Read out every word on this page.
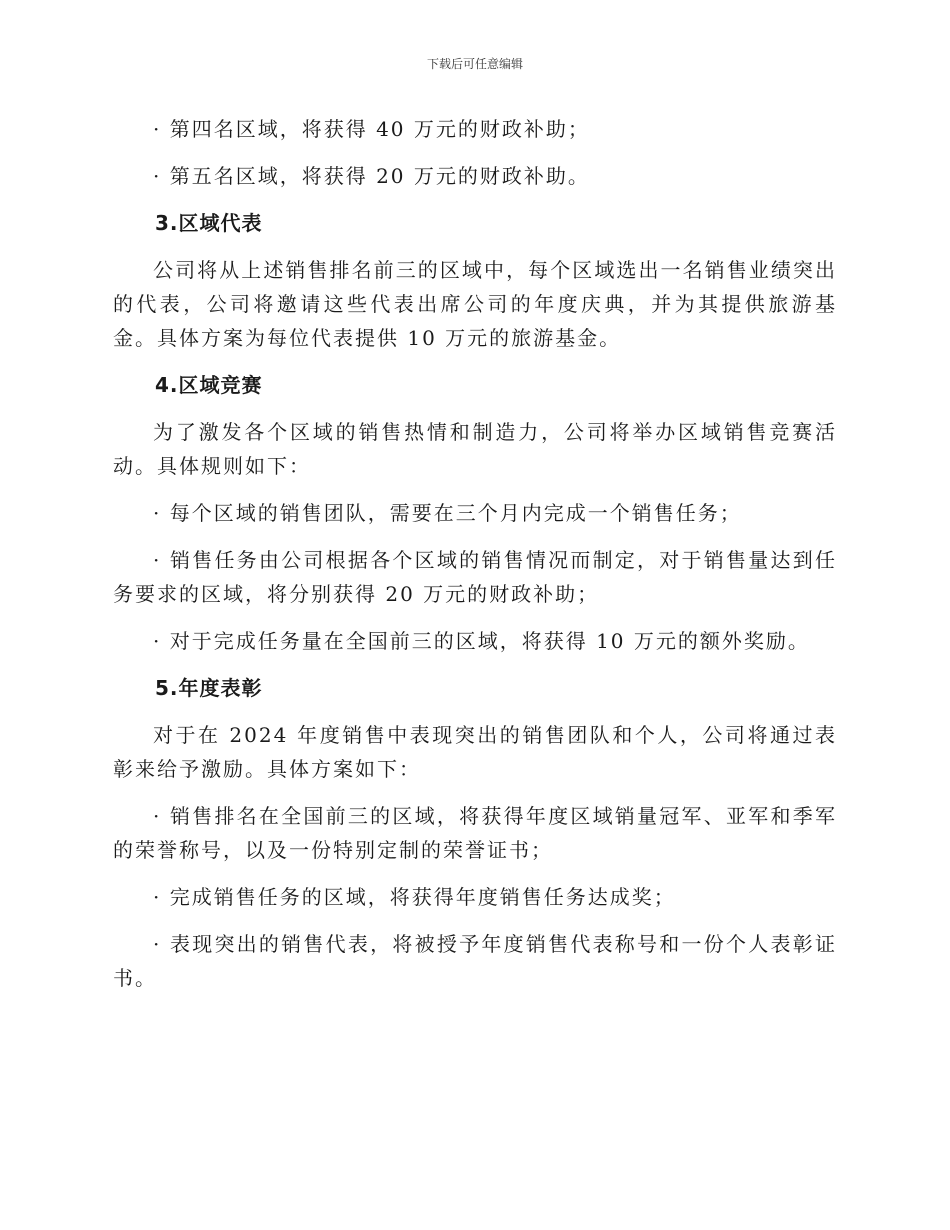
下载后可任意编辑

· 第四名区域，将获得 40 万元的财政补助；

· 第五名区域，将获得 20 万元的财政补助。

3.区域代表

公司将从上述销售排名前三的区域中，每个区域选出一名销售业绩突出的代表，公司将邀请这些代表出席公司的年度庆典，并为其提供旅游基金。具体方案为每位代表提供 10 万元的旅游基金。

4.区域竞赛

为了激发各个区域的销售热情和制造力，公司将举办区域销售竞赛活动。具体规则如下：

· 每个区域的销售团队，需要在三个月内完成一个销售任务；

· 销售任务由公司根据各个区域的销售情况而制定，对于销售量达到任务要求的区域，将分别获得 20 万元的财政补助；

· 对于完成任务量在全国前三的区域，将获得 10 万元的额外奖励。

5.年度表彰

对于在 2024 年度销售中表现突出的销售团队和个人，公司将通过表彰来给予激励。具体方案如下：

· 销售排名在全国前三的区域，将获得年度区域销量冠军、亚军和季军的荣誉称号，以及一份特别定制的荣誉证书；

· 完成销售任务的区域，将获得年度销售任务达成奖；

· 表现突出的销售代表，将被授予年度销售代表称号和一份个人表彰证书。
